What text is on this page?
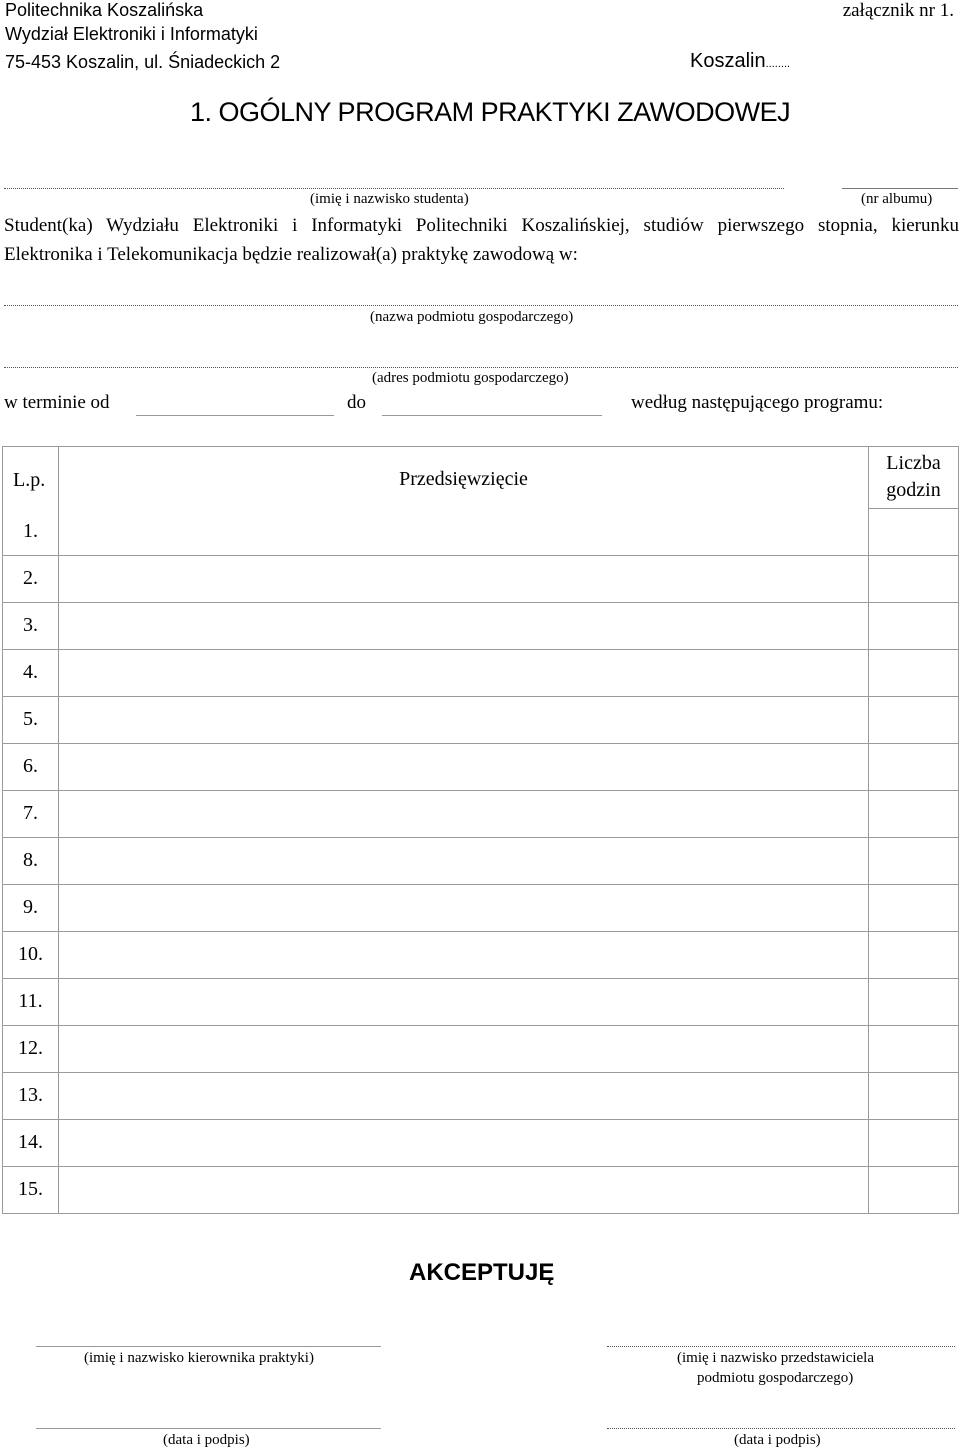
Politechnika Koszalińska
Wydział Elektroniki i Informatyki
75-453 Koszalin, ul. Śniadeckich 2
załącznik nr 1.
Koszalin........
1. OGÓLNY PROGRAM PRAKTYKI ZAWODOWEJ
(imię i nazwisko studenta)	(nr albumu)
Student(ka) Wydziału Elektroniki i Informatyki Politechniki Koszalińskiej, studiów pierwszego stopnia, kierunku Elektronika i Telekomunikacja będzie realizował(a) praktykę zawodową w:
(nazwa podmiotu gospodarczego)
(adres podmiotu gospodarczego)
w terminie od	do	według następującego programu:
L.p.	Przedsięwzięcie	Liczba
godzin
1.		
2.		
3.		
4.		
5.		
6.		
7.		
8.		
9.		
10.		
11.		
12.		
13.		
14.		
15.		
AKCEPTUJĘ
(imię i nazwisko kierownika praktyki)	(imię i nazwisko przedstawiciela
podmiotu gospodarczego)
(data i podpis)	(data i podpis)
